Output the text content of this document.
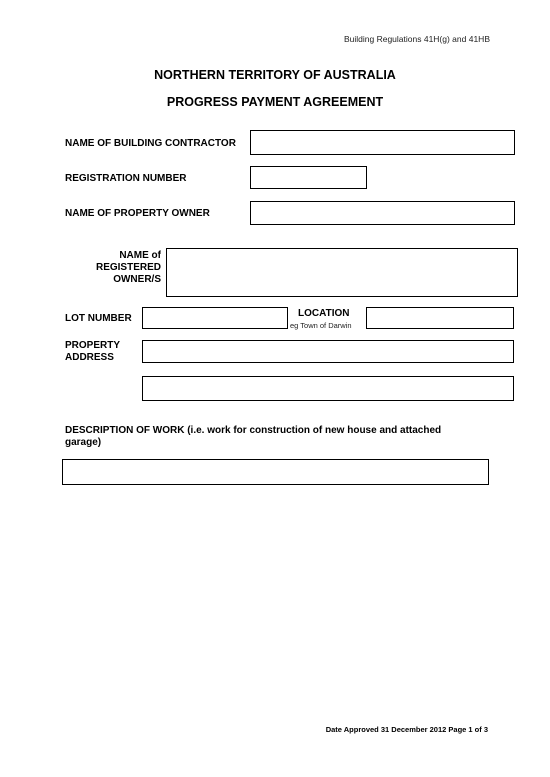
Building Regulations 41H(g) and 41HB
NORTHERN TERRITORY OF AUSTRALIA
PROGRESS PAYMENT AGREEMENT
NAME OF BUILDING CONTRACTOR
REGISTRATION NUMBER
NAME OF PROPERTY OWNER
NAME of
REGISTERED
OWNER/S
LOT NUMBER	LOCATION
eg Town of Darwin
PROPERTY
ADDRESS
DESCRIPTION OF WORK (i.e. work for construction of new house and attached
garage)
Date Approved 31 December 2012 Page 1 of 3
